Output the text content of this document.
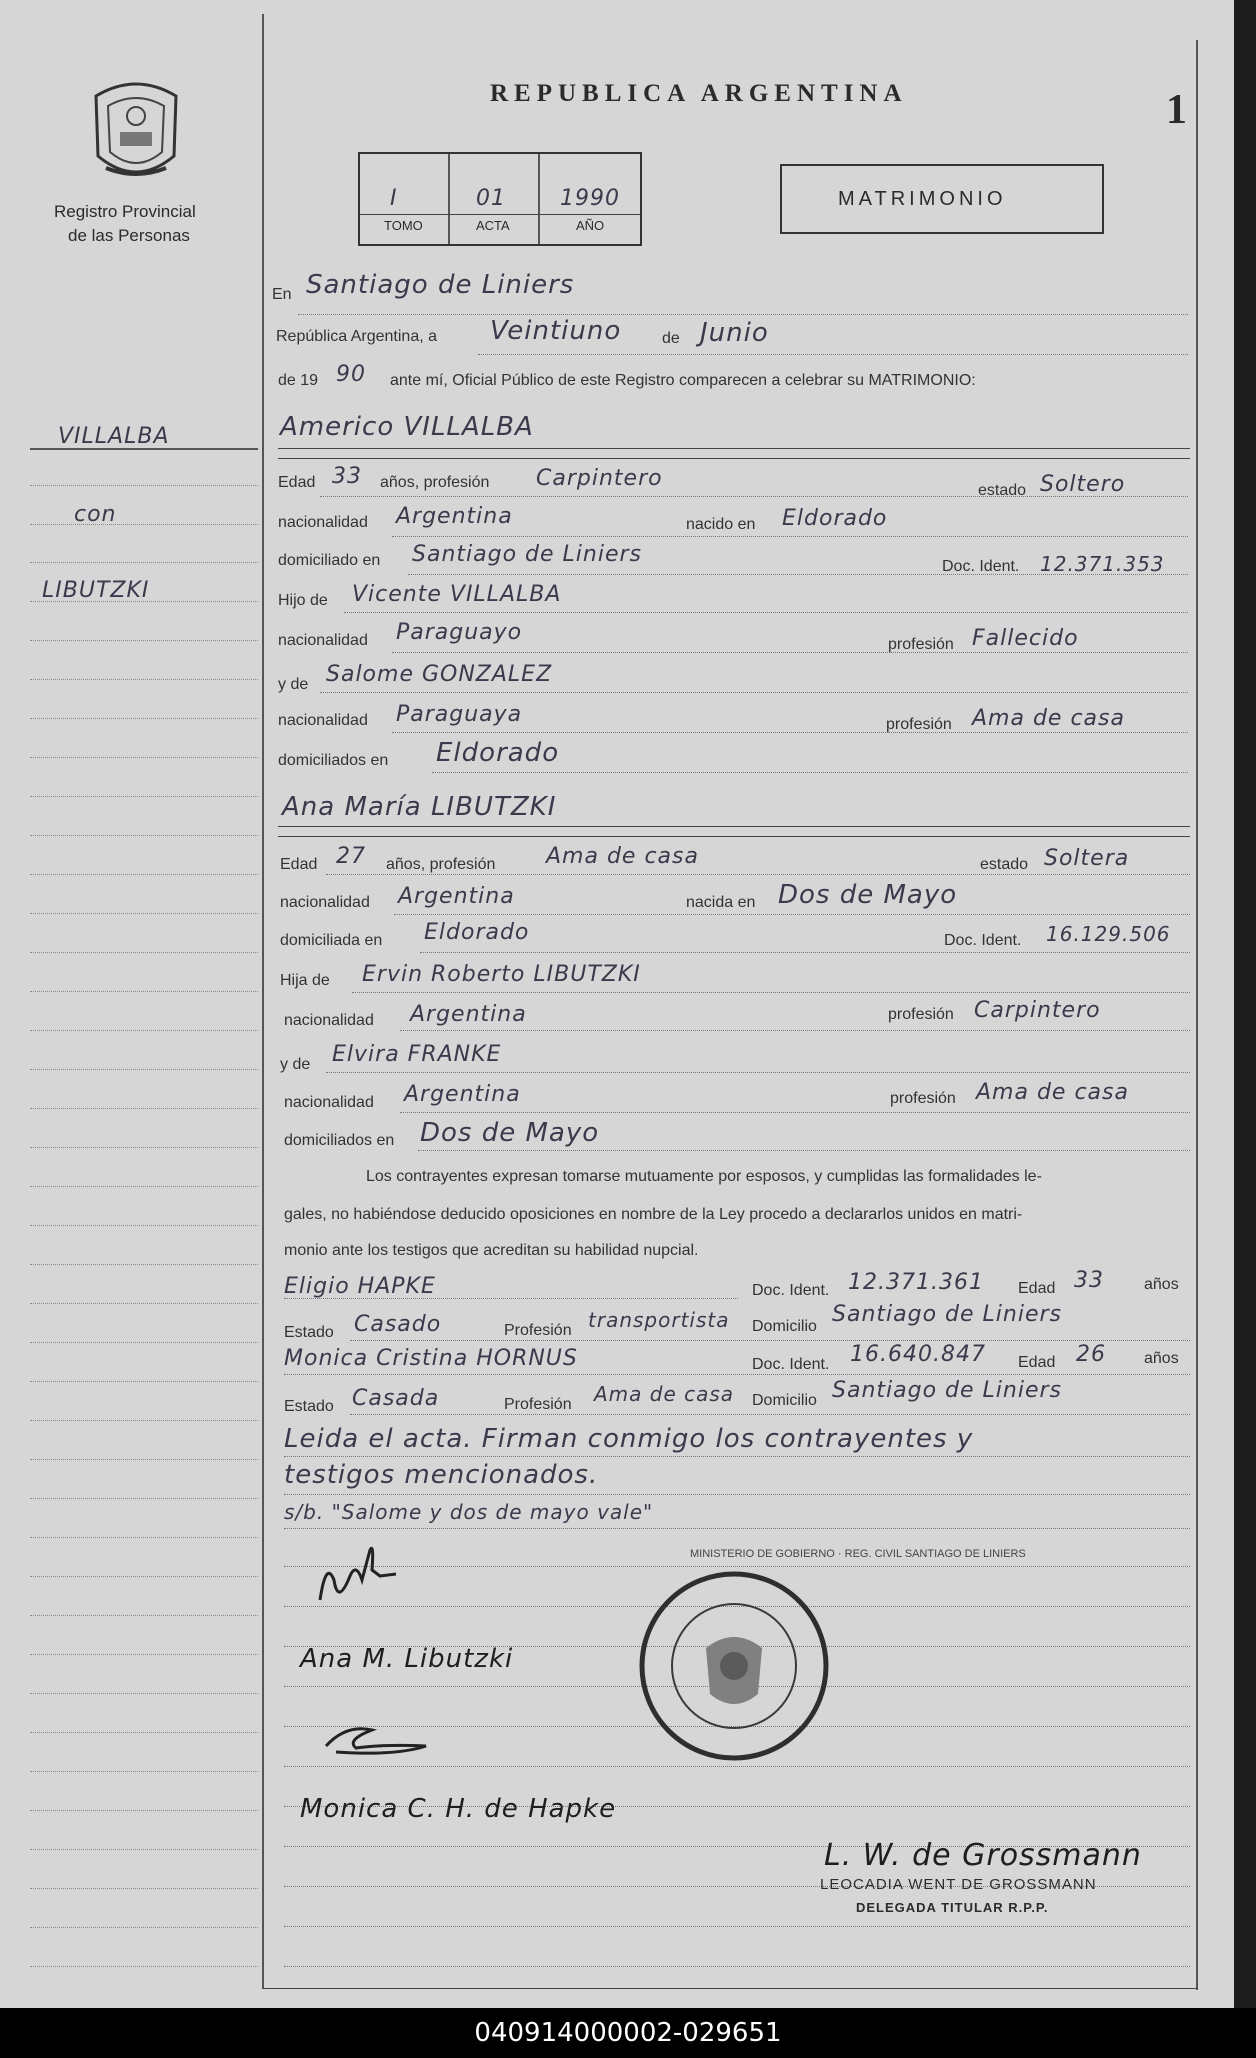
Registro Provincial
de las Personas
REPUBLICA ARGENTINA	1
I	01 1990
TOMO	ACTA	AÑO
MATRIMONIO
VILLALBA
con
LIBUTZKI
En Santiago de Liniers
República Argentina, a Veintiuno	de Junio
de 19 90 ante mí, Oficial Público de este Registro comparecen a celebrar su MATRIMONIO:
Americo VILLALBA
Edad 33 años, profesión Carpintero	estado Soltero
nacionalidad Argentina	nacido en Eldorado
domiciliado en Santiago de Liniers	Doc. Ident. 12.371.353
Hijo de Vicente VILLALBA
nacionalidad Paraguayo	profesión Fallecido
y de Salome GONZALEZ
nacionalidad Paraguaya	profesión Ama de casa
domiciliados en Eldorado
Ana María LIBUTZKI
Edad 27 años, profesión Ama de casa	estado Soltera
nacionalidad Argentina	nacida en Dos de Mayo
domiciliada en Eldorado	Doc. Ident. 16.129.506
Hija de Ervin Roberto LIBUTZKI
nacionalidad Argentina	profesión Carpintero
y de Elvira FRANKE
nacionalidad Argentina	profesión Ama de casa
domiciliados en Dos de Mayo
Los contrayentes expresan tomarse mutuamente por esposos, y cumplidas las formalidades le-
gales, no habiéndose deducido oposiciones en nombre de la Ley procedo a declararlos unidos en matri-
monio ante los testigos que acreditan su habilidad nupcial.
Eligio HAPKE	Doc. Ident. 12.371.361 Edad 33	años
Estado Casado	Profesión transportista Domicilio Santiago de Liniers
Monica Cristina HORNUS	Doc. Ident. 16.640.847 Edad 26 años
Estado Casada	Profesión Ama de casa Domicilio Santiago de Liniers
Leida el acta. Firman conmigo los contrayentes y
testigos mencionados.
s/b. "Salome y dos de mayo vale"
Ana M. Libutzki
Monica C. H. de Hapke
MINISTERIO DE GOBIERNO · REG. CIVIL SANTIAGO DE LINIERS
L. W. de Grossmann
LEOCADIA WENT DE GROSSMANN
DELEGADA TITULAR R.P.P.
040914000002-029651
